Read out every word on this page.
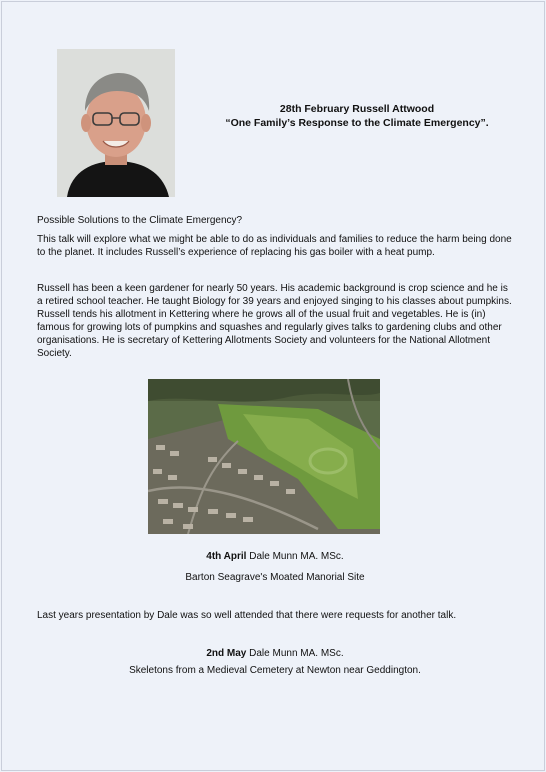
28th February Russell Attwood
“One Family’s Response to the Climate Emergency”.
Possible Solutions to the Climate Emergency?
This talk will explore what we might be able to do as individuals and families to reduce the harm being done to the planet. It includes Russell’s experience of replacing his gas boiler with a heat pump.
Russell has been a keen gardener for nearly 50 years. His academic background is crop science and he is a retired school teacher. He taught Biology for 39 years and enjoyed singing to his classes about pumpkins. Russell tends his allotment in Kettering where he grows all of the usual fruit and vegetables. He is (in) famous for growing lots of pumpkins and squashes and regularly gives talks to gardening clubs and other organisations. He is secretary of Kettering Allotments Society and volunteers for the National Allotment Society.
4th April Dale Munn MA. MSc.
Barton Seagrave's Moated Manorial Site
Last years presentation by Dale was so well attended that there were requests for another talk.
2nd May Dale Munn MA. MSc.
Skeletons from a Medieval Cemetery at Newton near Geddington.
